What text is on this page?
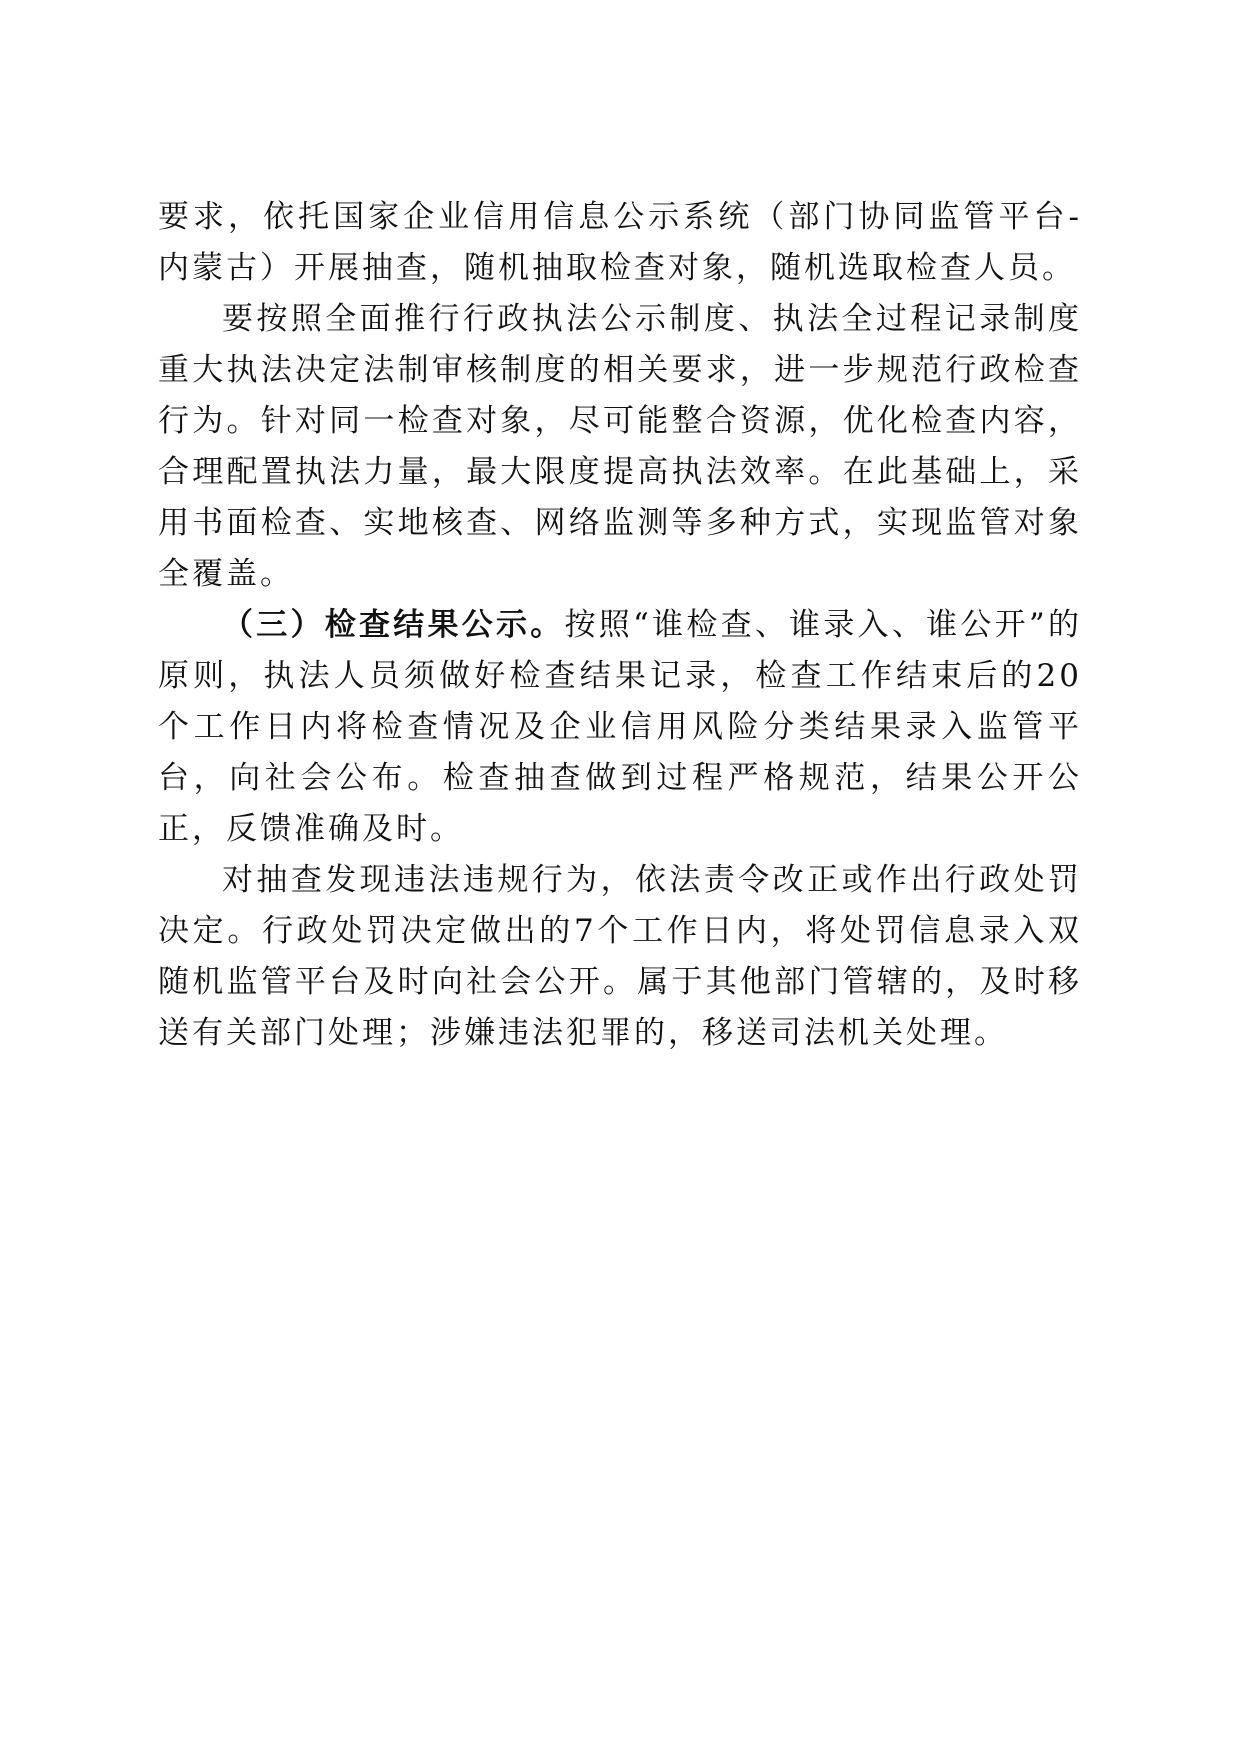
要求，依托国家企业信用信息公示系统（部门协同监管平台-内蒙古）开展抽查，随机抽取检查对象，随机选取检查人员。

要按照全面推行行政执法公示制度、执法全过程记录制度重大执法决定法制审核制度的相关要求，进一步规范行政检查行为。针对同一检查对象，尽可能整合资源，优化检查内容，合理配置执法力量，最大限度提高执法效率。在此基础上，采用书面检查、实地核查、网络监测等多种方式，实现监管对象全覆盖。

（三）检查结果公示。按照“谁检查、谁录入、谁公开”的原则，执法人员须做好检查结果记录，检查工作结束后的20个工作日内将检查情况及企业信用风险分类结果录入监管平台，向社会公布。检查抽查做到过程严格规范，结果公开公正，反馈准确及时。

对抽查发现违法违规行为，依法责令改正或作出行政处罚决定。行政处罚决定做出的7个工作日内，将处罚信息录入双随机监管平台及时向社会公开。属于其他部门管辖的，及时移送有关部门处理；涉嫌违法犯罪的，移送司法机关处理。
